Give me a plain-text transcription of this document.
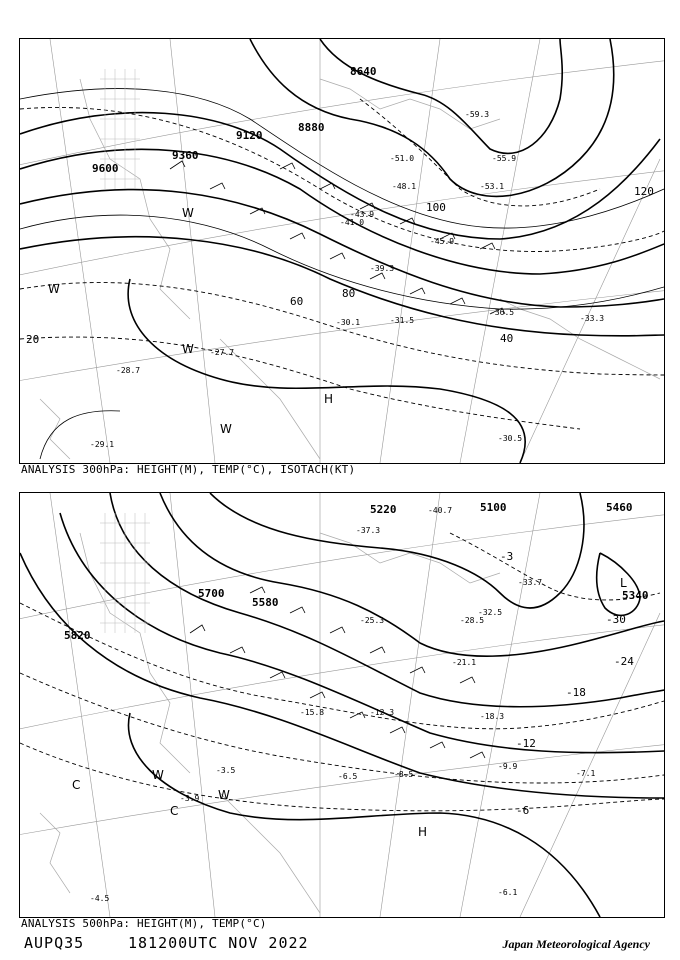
8640
8880
9120
9360
9600
20	40
60
80
100
120
-59.3
-53.1
-51.0
-48.1
-45.9
-43.9
-41.0
-39.3
-36.5
-33.3
-31.5
-30.1
-28.7
-27.7
-30.5
-29.1
-55.9
H
W
W
W
W
ANALYSIS 300hPa: HEIGHT(M), TEMP(°C), ISOTACH(KT)
5100
5220
5340
5460
5580
5700
5820
-30
-24
-18
-12
-6
-3
-40.7
-37.3
-33.7
-32.5
-28.5
-25.3
-21.1
-18.3
-15.8	-12.3
-9.9
-8.5	-7.1
-6.5
-6.1
-4.5
-3.9
-3.5
H
L
W
W
C
C
ANALYSIS 500hPa: HEIGHT(M), TEMP(°C)
AUPQ35	181200UTC NOV 2022	Japan Meteorological Agency
